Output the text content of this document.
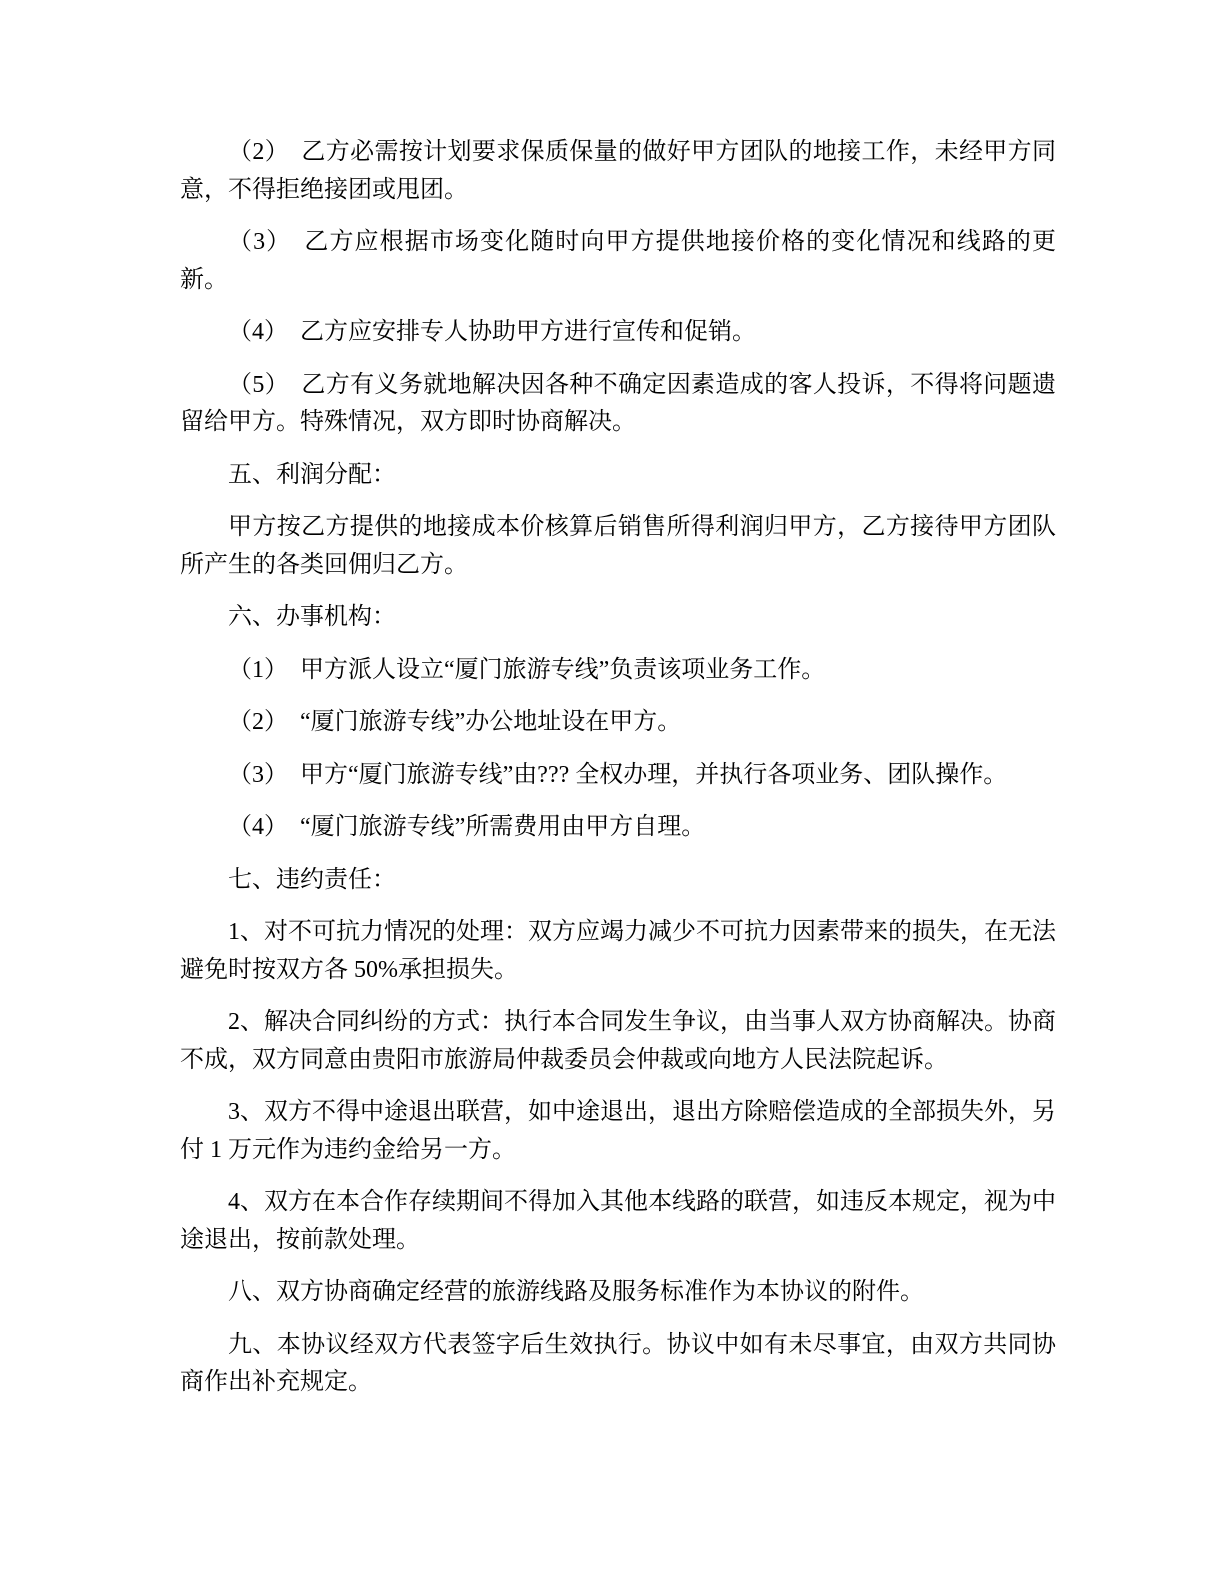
（2）　乙方必需按计划要求保质保量的做好甲方团队的地接工作，未经甲方同意，不得拒绝接团或甩团。

（3）　乙方应根据市场变化随时向甲方提供地接价格的变化情况和线路的更新。

（4）　乙方应安排专人协助甲方进行宣传和促销。

（5）　乙方有义务就地解决因各种不确定因素造成的客人投诉，不得将问题遗留给甲方。特殊情况，双方即时协商解决。

五、利润分配：

甲方按乙方提供的地接成本价核算后销售所得利润归甲方，乙方接待甲方团队所产生的各类回佣归乙方。

六、办事机构：

（1）　甲方派人设立“厦门旅游专线”负责该项业务工作。

（2）　“厦门旅游专线”办公地址设在甲方。

（3）　甲方“厦门旅游专线”由??? 全权办理，并执行各项业务、团队操作。

（4）　“厦门旅游专线”所需费用由甲方自理。

七、违约责任：

1、对不可抗力情况的处理：双方应竭力减少不可抗力因素带来的损失，在无法避免时按双方各 50%承担损失。

2、解决合同纠纷的方式：执行本合同发生争议，由当事人双方协商解决。协商不成，双方同意由贵阳市旅游局仲裁委员会仲裁或向地方人民法院起诉。

3、双方不得中途退出联营，如中途退出，退出方除赔偿造成的全部损失外，另付 1 万元作为违约金给另一方。

4、双方在本合作存续期间不得加入其他本线路的联营，如违反本规定，视为中途退出，按前款处理。

八、双方协商确定经营的旅游线路及服务标准作为本协议的附件。

九、本协议经双方代表签字后生效执行。协议中如有未尽事宜，由双方共同协商作出补充规定。
